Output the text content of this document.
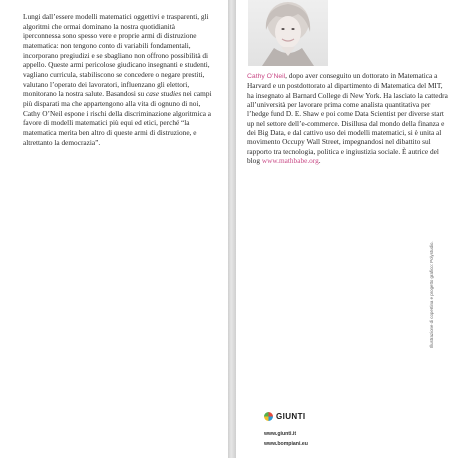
Lungi dall’essere modelli matematici oggettivi e trasparenti, gli algoritmi che ormai dominano la nostra quotidianità iperconnessa sono spesso vere e proprie armi di distruzione matematica: non tengono conto di variabili fondamentali, incorporano pregiudizi e se sbagliano non offrono possibilità di appello. Queste armi pericolose giudicano insegnanti e studenti, vagliano curricula, stabiliscono se concedere o negare prestiti, valutano l’operato dei lavoratori, influenzano gli elettori, monitorano la nostra salute. Basandosi su case studies nei campi più disparati ma che appartengono alla vita di ognuno di noi, Cathy O’Neil espone i rischi della discriminazione algoritmica a favore di modelli matematici più equi ed etici, perché “la matematica merita ben altro di queste armi di distruzione, e altrettanto la democrazia”.

Cathy O’Neil, dopo aver conseguito un dottorato in Matematica a Harvard e un postdottorato al dipartimento di Matematica del MIT, ha insegnato al Barnard College di New York. Ha lasciato la cattedra all’università per lavorare prima come analista quantitativa per l’hedge fund D. E. Shaw e poi come Data Scientist per diverse start up nel settore dell’e-commerce. Disillusa dal mondo della finanza e dei Big Data, e dal cattivo uso dei modelli matematici, si è unita al movimento Occupy Wall Street, impegnandosi nel dibattito sul rapporto tra tecnologia, politica e ingiustizia sociale. È autrice del blog www.mathbabe.org.

Illustrazione di copertina e progetto grafico: Polystudio.
GIUNTI
www.giunti.it
www.bompiani.eu
